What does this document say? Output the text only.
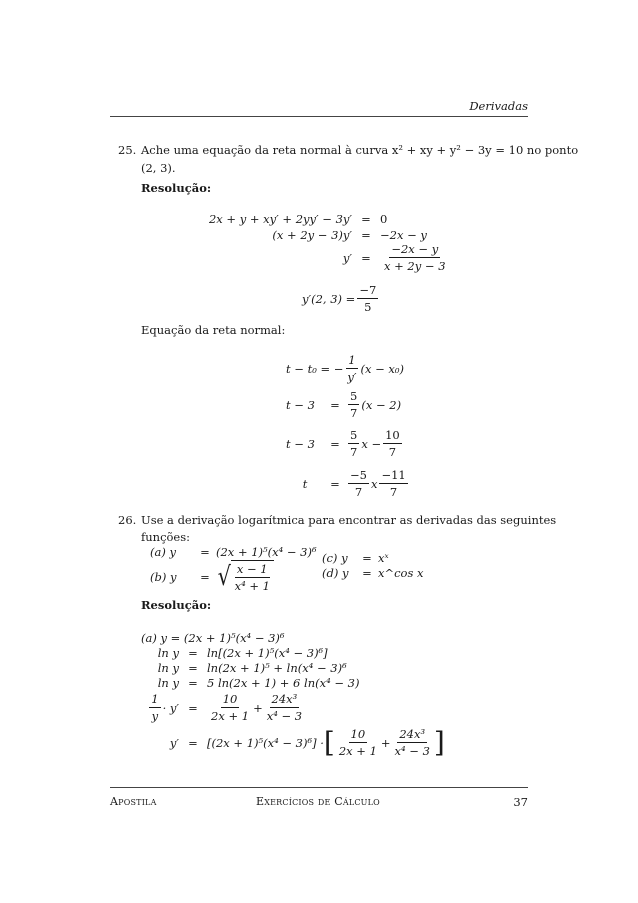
Derivadas
25. Ache uma equação da reta normal à curva x² + xy + y² − 3y = 10 no ponto
(2, 3).
Resolução:
2x + y + xy′ + 2yy′ − 3y′ = 0
(x + 2y − 3)y′ = −2x − y
$y' = \frac{-2x - y}{x + 2y - 3}$
y′(2, $3) = \frac{-7}{5}$
Equação da reta normal:
t − t₀ = − $\frac{1}{y'} (x - x_0)$
t − 3	= $\frac{5}{7} (x - 2)$
t − 3	= $\frac{5}{7}$ $x - \frac{10}{7}$
t	= $\frac{-5}{7}$ x $\frac{-11}{7}$
26. Use a derivação logarítmica para encontrar as derivadas das seguintes
funções:
(a) y	= (2x + 1)⁵(x⁴ − 3)⁶
(b) y	= √ $\frac{x - 1}{\text{x⁴ + 1}}$
(c) y	= xˣ
(d) y	= x^cos x
Resolução:
(a) y = (2x + 1)⁵(x⁴ − 3)⁶
ln y = ln[(2x + 1)⁵(x⁴ − 3)⁶]
ln y = ln(2x + 1)⁵ + ln(x⁴ − 3)⁶
ln y = 5 ln(2x + 1) + 6 ln(x⁴ − 3)
$\frac{1}{y} \cdot y' = \frac{10}{2x + 1} + \frac{\text{24x³}}{\text{x⁴ − 3}}$
y′ = [(2x + 1)⁵(x⁴ − 3)⁶] · [ $\frac{10}{2x + 1} + \frac{\text{24x³}}{\text{x⁴ − 3}}$ ]
Apostila	Exercícios de Cálculo	37
